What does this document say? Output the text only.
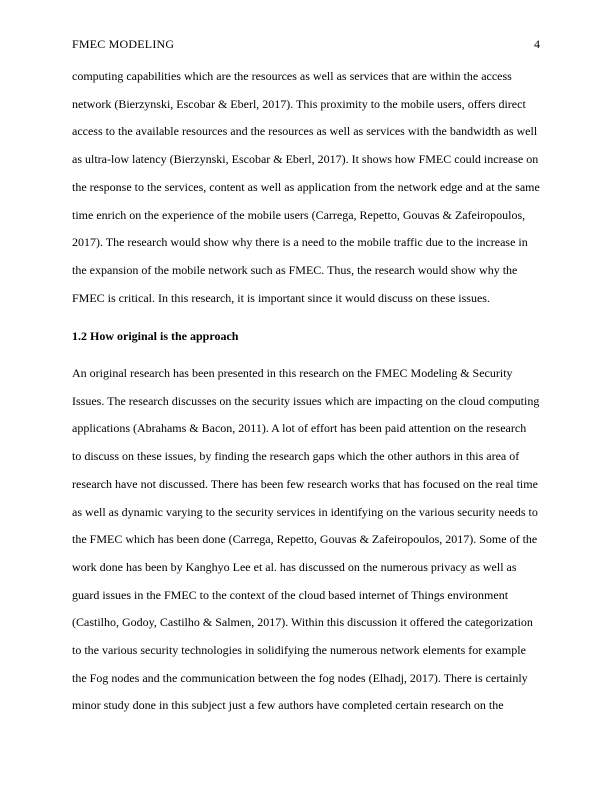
FMEC MODELING	4
computing capabilities which are the resources as well as services that are within the access
network (Bierzynski, Escobar & Eberl, 2017). This proximity to the mobile users, offers direct
access to the available resources and the resources as well as services with the bandwidth as well
as ultra-low latency (Bierzynski, Escobar & Eberl, 2017). It shows how FMEC could increase on
the response to the services, content as well as application from the network edge and at the same
time enrich on the experience of the mobile users (Carrega, Repetto, Gouvas & Zafeiropoulos,
2017). The research would show why there is a need to the mobile traffic due to the increase in
the expansion of the mobile network such as FMEC. Thus, the research would show why the
FMEC is critical. In this research, it is important since it would discuss on these issues.
1.2 How original is the approach
An original research has been presented in this research on the FMEC Modeling & Security
Issues. The research discusses on the security issues which are impacting on the cloud computing
applications (Abrahams & Bacon, 2011). A lot of effort has been paid attention on the research
to discuss on these issues, by finding the research gaps which the other authors in this area of
research have not discussed. There has been few research works that has focused on the real time
as well as dynamic varying to the security services in identifying on the various security needs to
the FMEC which has been done (Carrega, Repetto, Gouvas & Zafeiropoulos, 2017). Some of the
work done has been by Kanghyo Lee et al. has discussed on the numerous privacy as well as
guard issues in the FMEC to the context of the cloud based internet of Things environment
(Castilho, Godoy, Castilho & Salmen, 2017). Within this discussion it offered the categorization
to the various security technologies in solidifying the numerous network elements for example
the Fog nodes and the communication between the fog nodes (Elhadj, 2017). There is certainly
minor study done in this subject just a few authors have completed certain research on the
